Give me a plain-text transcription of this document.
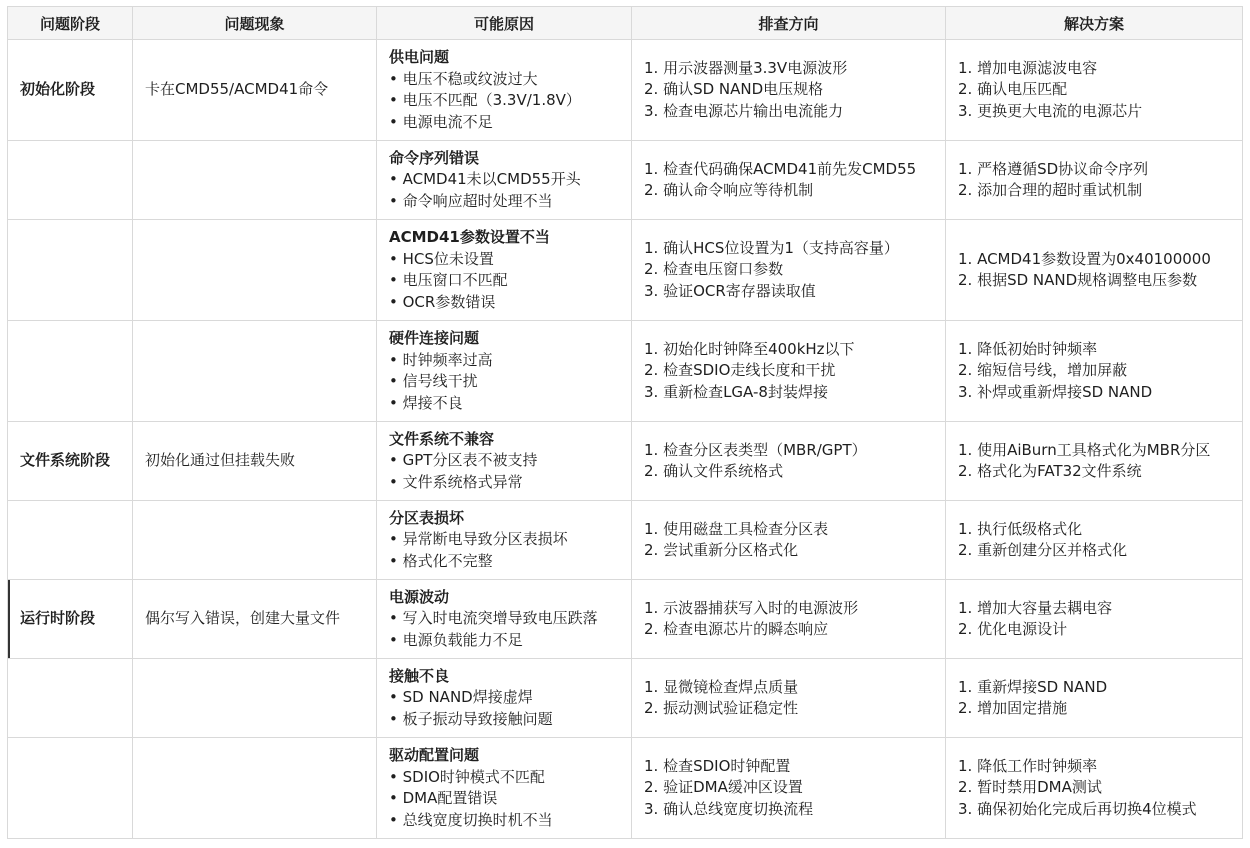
问题阶段	问题现象	可能原因	排查方向	解决方案
初始化阶段	卡在CMD55/ACMD41命令	供电问题
• 电压不稳或纹波过大
• 电压不匹配（3.3V/1.8V）
• 电源电流不足	1. 用示波器测量3.3V电源波形
2. 确认SD NAND电压规格
3. 检查电源芯片输出电流能力	1. 增加电源滤波电容
2. 确认电压匹配
3. 更换更大电流的电源芯片

		命令序列错误
• ACMD41未以CMD55开头
• 命令响应超时处理不当	1. 检查代码确保ACMD41前先发CMD55
2. 确认命令响应等待机制	1. 严格遵循SD协议命令序列
2. 添加合理的超时重试机制

		ACMD41参数设置不当
• HCS位未设置
• 电压窗口不匹配
• OCR参数错误	1. 确认HCS位设置为1（支持高容量）
2. 检查电压窗口参数
3. 验证OCR寄存器读取值	1. ACMD41参数设置为0x40100000
2. 根据SD NAND规格调整电压参数

		硬件连接问题
• 时钟频率过高
• 信号线干扰
• 焊接不良	1. 初始化时钟降至400kHz以下
2. 检查SDIO走线长度和干扰
3. 重新检查LGA-8封装焊接	1. 降低初始时钟频率
2. 缩短信号线，增加屏蔽
3. 补焊或重新焊接SD NAND

文件系统阶段	初始化通过但挂载失败	文件系统不兼容
• GPT分区表不被支持
• 文件系统格式异常	1. 检查分区表类型（MBR/GPT）
2. 确认文件系统格式	1. 使用AiBurn工具格式化为MBR分区
2. 格式化为FAT32文件系统

		分区表损坏
• 异常断电导致分区表损坏
• 格式化不完整	1. 使用磁盘工具检查分区表
2. 尝试重新分区格式化	1. 执行低级格式化
2. 重新创建分区并格式化

运行时阶段	偶尔写入错误，创建大量文件	电源波动
• 写入时电流突增导致电压跌落
• 电源负载能力不足	1. 示波器捕获写入时的电源波形
2. 检查电源芯片的瞬态响应	1. 增加大容量去耦电容
2. 优化电源设计

		接触不良
• SD NAND焊接虚焊
• 板子振动导致接触问题	1. 显微镜检查焊点质量
2. 振动测试验证稳定性	1. 重新焊接SD NAND
2. 增加固定措施

		驱动配置问题
• SDIO时钟模式不匹配
• DMA配置错误
• 总线宽度切换时机不当	1. 检查SDIO时钟配置
2. 验证DMA缓冲区设置
3. 确认总线宽度切换流程	1. 降低工作时钟频率
2. 暂时禁用DMA测试
3. 确保初始化完成后再切换4位模式
